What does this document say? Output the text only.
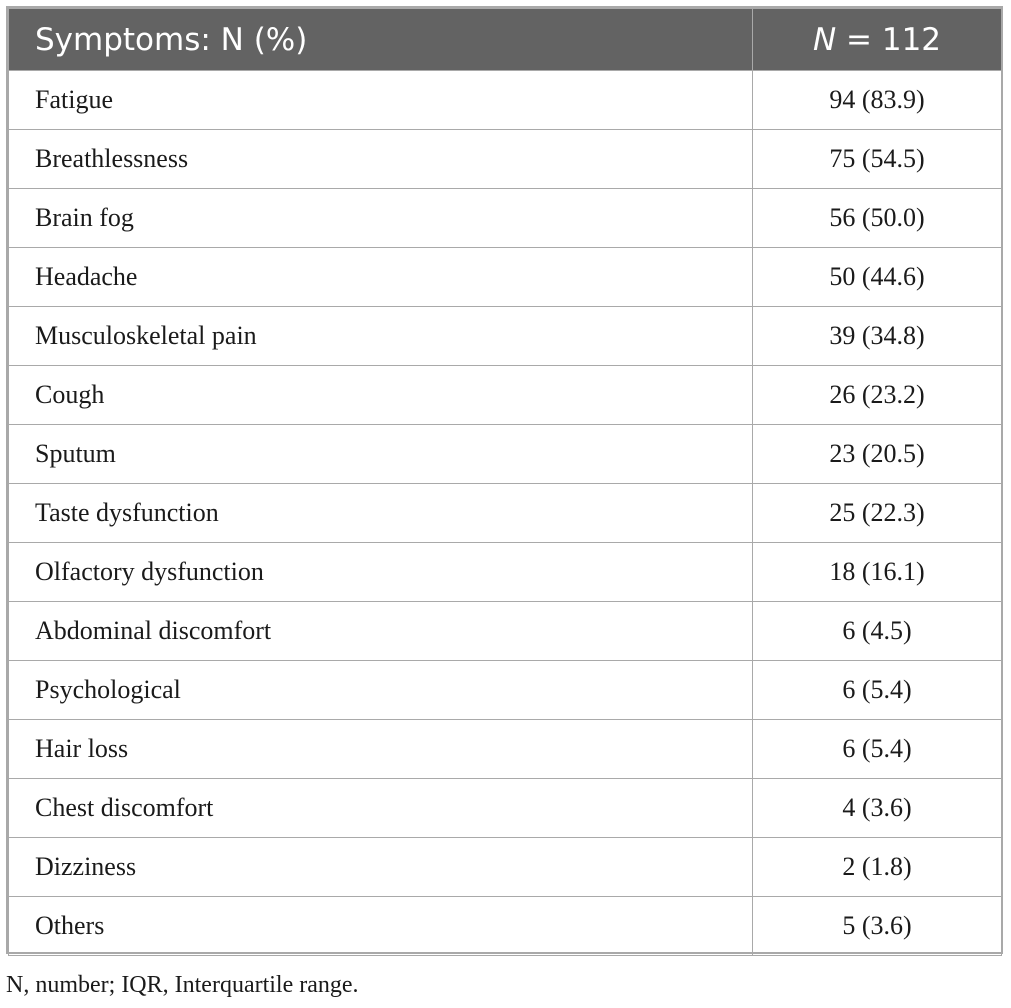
Symptoms: N (%)	N = 112
Fatigue	94 (83.9)
Breathlessness	75 (54.5)
Brain fog	56 (50.0)
Headache	50 (44.6)
Musculoskeletal pain	39 (34.8)
Cough	26 (23.2)
Sputum	23 (20.5)
Taste dysfunction	25 (22.3)
Olfactory dysfunction	18 (16.1)
Abdominal discomfort	6 (4.5)
Psychological	6 (5.4)
Hair loss	6 (5.4)
Chest discomfort	4 (3.6)
Dizziness	2 (1.8)
Others	5 (3.6)
N, number; IQR, Interquartile range.
